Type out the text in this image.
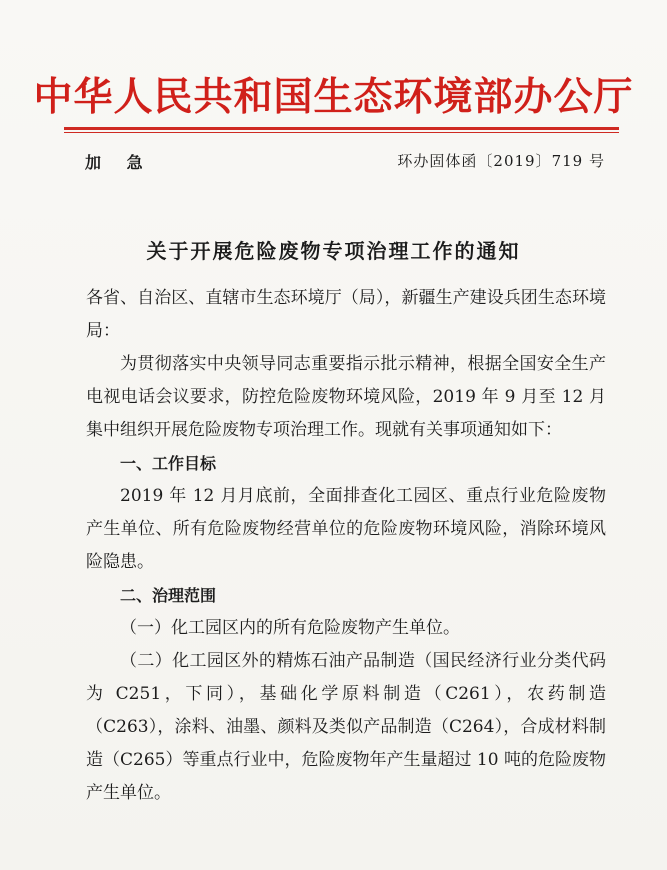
中华人民共和国生态环境部办公厅
加 急	环办固体函〔2019〕719 号
关于开展危险废物专项治理工作的通知

各省、自治区、直辖市生态环境厅（局），新疆生产建设兵团生态环境局：

为贯彻落实中央领导同志重要指示批示精神，根据全国安全生产电视电话会议要求，防控危险废物环境风险，2019 年 9 月至 12 月集中组织开展危险废物专项治理工作。现就有关事项通知如下：

一、工作目标

2019 年 12 月月底前，全面排查化工园区、重点行业危险废物产生单位、所有危险废物经营单位的危险废物环境风险，消除环境风险隐患。

二、治理范围

（一）化工园区内的所有危险废物产生单位。

（二）化工园区外的精炼石油产品制造（国民经济行业分类代码为 C251，下同），基础化学原料制造（C261），农药制造（C263），涂料、油墨、颜料及类似产品制造（C264），合成材料制造（C265）等重点行业中，危险废物年产生量超过 10 吨的危险废物产生单位。
